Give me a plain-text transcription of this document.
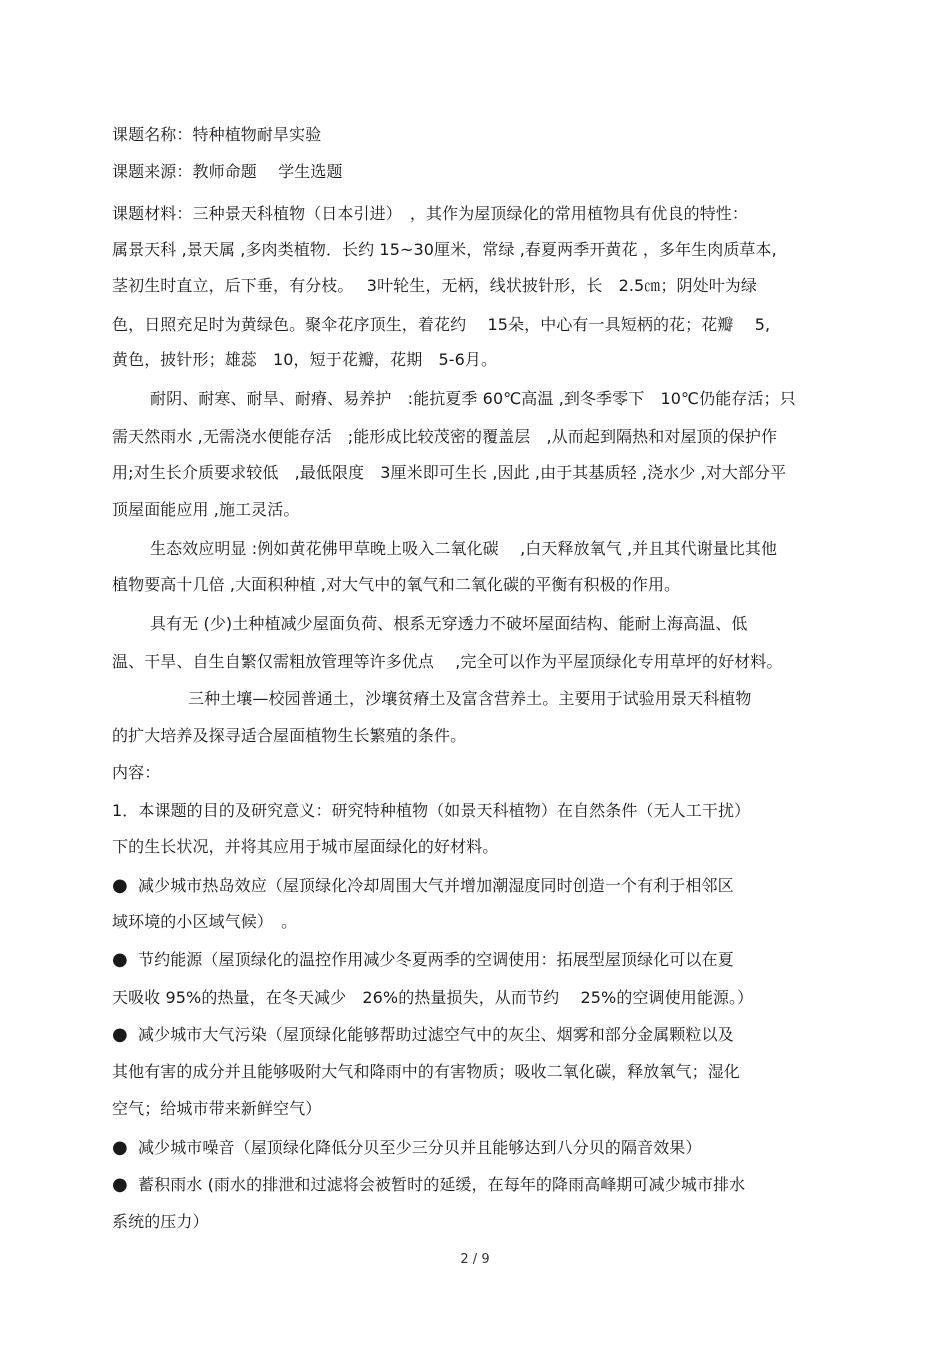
课题名称：特种植物耐旱实验
课题来源：教师命题　 学生选题
课题材料：三种景天科植物（日本引进）　，其作为屋顶绿化的常用植物具有优良的特性：
属景天科 ,景天属 ,多肉类植物．长约 15~30厘米，常绿 ,春夏两季开黄花 ，多年生肉质草本,
茎初生时直立，后下垂，有分枝。　 3叶轮生，无柄，线状披针形，长　2.5㎝；阴处叶为绿
色，日照充足时为黄绿色。聚伞花序顶生，着花约　 15朵，中心有一具短柄的花；花瓣　 5,
黄色，披针形；雄蕊　10，短于花瓣，花期　5-6月。
耐阴、耐寒、耐旱、耐瘠、易养护　:能抗夏季 60℃高温 ,到冬季零下　10℃仍能存活；只
需天然雨水 ,无需浇水便能存活　;能形成比较茂密的覆盖层　,从而起到隔热和对屋顶的保护作
用;对生长介质要求较低　,最低限度　3厘米即可生长 ,因此 ,由于其基质轻 ,浇水少 ,对大部分平
顶屋面能应用 ,施工灵活。
生态效应明显 :例如黄花佛甲草晚上吸入二氧化碳　 ,白天释放氧气 ,并且其代谢量比其他
植物要高十几倍 ,大面积种植 ,对大气中的氧气和二氧化碳的平衡有积极的作用。
具有无 (少)土种植减少屋面负荷、根系无穿透力不破坏屋面结构、能耐上海高温、低
温、干旱、自生自繁仅需粗放管理等许多优点　 ,完全可以作为平屋顶绿化专用草坪的好材料。
三种土壤—校园普通土，沙壤贫瘠土及富含营养土。主要用于试验用景天科植物
的扩大培养及探寻适合屋面植物生长繁殖的条件。
内容：
1．本课题的目的及研究意义：研究特种植物（如景天科植物）在自然条件（无人工干扰）
下的生长状况，并将其应用于城市屋面绿化的好材料。
● 减少城市热岛效应（屋顶绿化冷却周围大气并增加潮湿度同时创造一个有利于相邻区
域环境的小区域气候）　。
● 节约能源（屋顶绿化的温控作用减少冬夏两季的空调使用：拓展型屋顶绿化可以在夏
天吸收 95%的热量，在冬天减少　26%的热量损失，从而节约　 25%的空调使用能源。）
● 减少城市大气污染（屋顶绿化能够帮助过滤空气中的灰尘、烟雾和部分金属颗粒以及
其他有害的成分并且能够吸附大气和降雨中的有害物质；吸收二氧化碳，释放氧气；湿化
空气；给城市带来新鲜空气）
● 减少城市噪音（屋顶绿化降低分贝至少三分贝并且能够达到八分贝的隔音效果）
● 蓄积雨水 (雨水的排泄和过滤将会被暂时的延缓，在每年的降雨高峰期可减少城市排水
系统的压力）
2 / 9
